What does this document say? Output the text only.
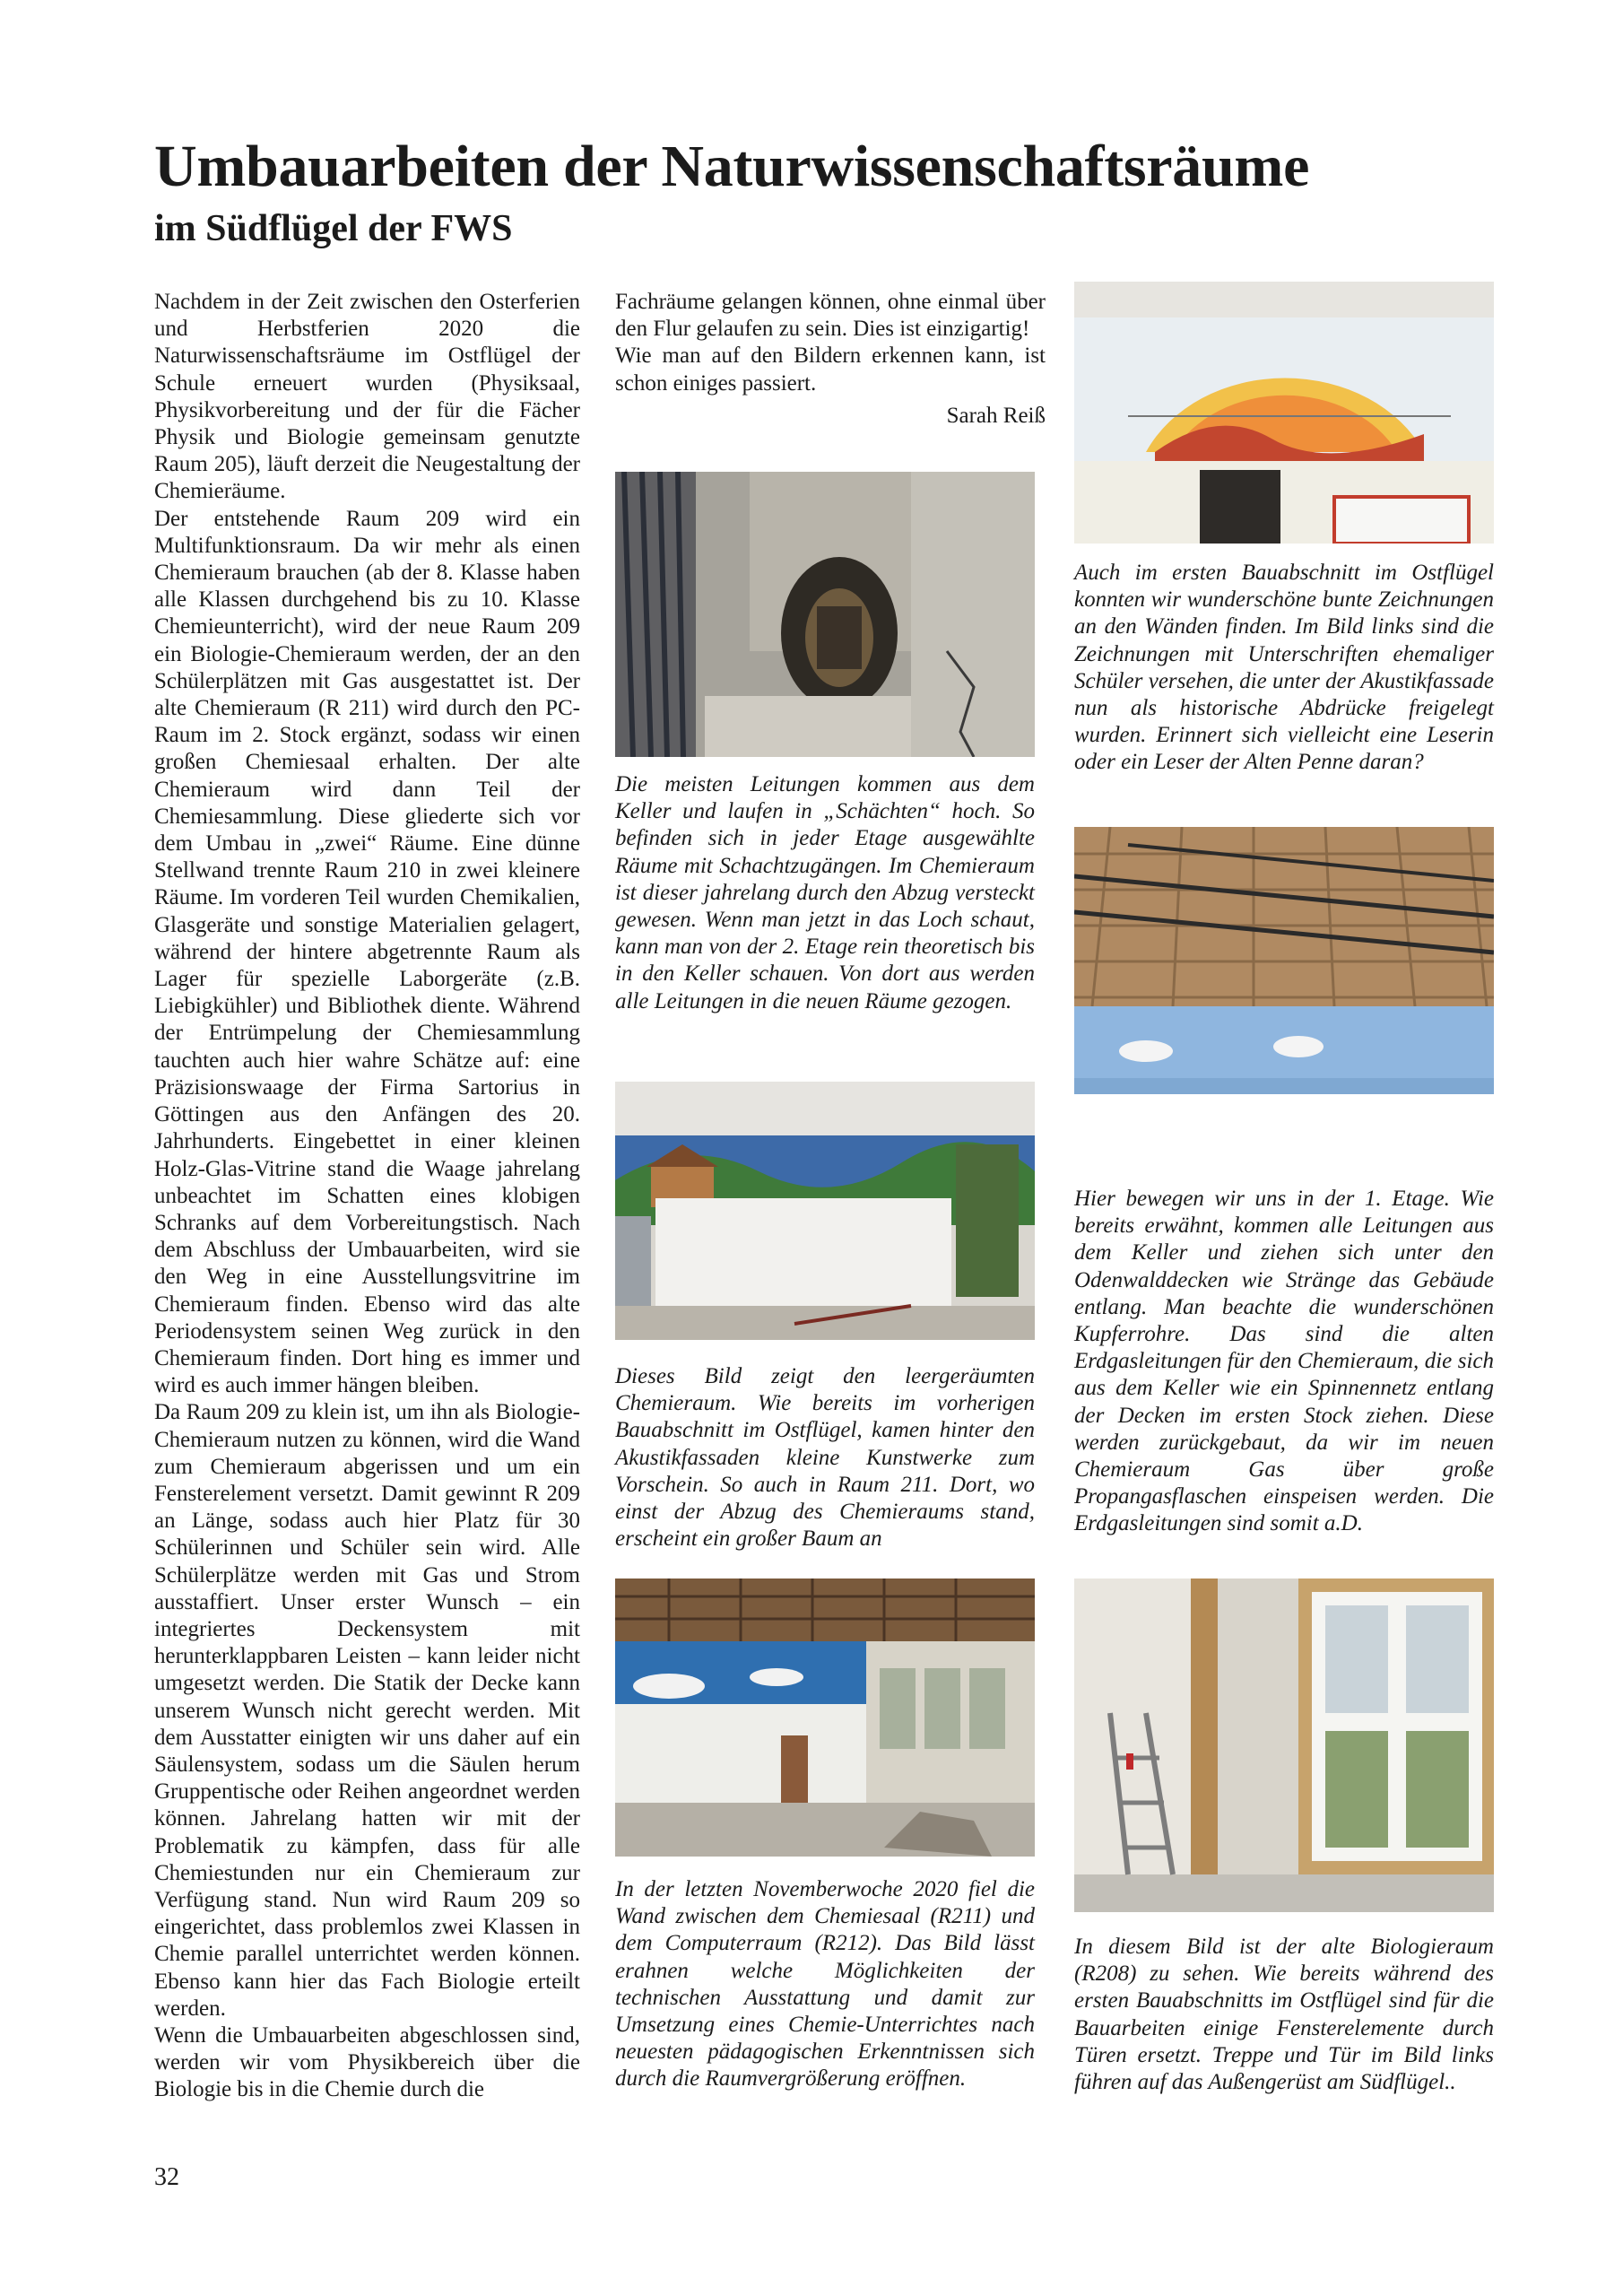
Umbauarbeiten der Naturwissenschaftsräume
im Südflügel der FWS

Nachdem in der Zeit zwischen den Osterferien und Herbstferien 2020 die Naturwissenschaftsräume im Ostflügel der Schule erneuert wurden (Physiksaal, Physikvorbereitung und der für die Fächer Physik und Biologie gemeinsam genutzte Raum 205), läuft derzeit die Neugestaltung der Chemieräume.

Der entstehende Raum 209 wird ein Multifunktionsraum. Da wir mehr als einen Chemieraum brauchen (ab der 8. Klasse haben alle Klassen durchgehend bis zu 10. Klasse Chemieunterricht), wird der neue Raum 209 ein Biologie-Chemieraum werden, der an den Schülerplätzen mit Gas ausgestattet ist. Der alte Chemieraum (R 211) wird durch den PC-Raum im 2. Stock ergänzt, sodass wir einen großen Chemiesaal erhalten. Der alte Chemieraum wird dann Teil der Chemiesammlung. Diese gliederte sich vor dem Umbau in „zwei“ Räume. Eine dünne Stellwand trennte Raum 210 in zwei kleinere Räume. Im vorderen Teil wurden Chemikalien, Glasgeräte und sonstige Materialien gelagert, während der hintere abgetrennte Raum als Lager für spezielle Laborgeräte (z.B. Liebigkühler) und Bibliothek diente. Während der Entrümpelung der Chemiesammlung tauchten auch hier wahre Schätze auf: eine Präzisionswaage der Firma Sartorius in Göttingen aus den Anfängen des 20. Jahrhunderts. Eingebettet in einer kleinen Holz-Glas-Vitrine stand die Waage jahrelang unbeachtet im Schatten eines klobigen Schranks auf dem Vorbereitungstisch. Nach dem Abschluss der Umbauarbeiten, wird sie den Weg in eine Ausstellungsvitrine im Chemieraum finden. Ebenso wird das alte Periodensystem seinen Weg zurück in den Chemieraum finden. Dort hing es immer und wird es auch immer hängen bleiben.

Da Raum 209 zu klein ist, um ihn als Biologie-Chemieraum nutzen zu können, wird die Wand zum Chemieraum abgerissen und um ein Fensterelement versetzt. Damit gewinnt R 209 an Länge, sodass auch hier Platz für 30 Schülerinnen und Schüler sein wird. Alle Schülerplätze werden mit Gas und Strom ausstaffiert. Unser erster Wunsch – ein integriertes Deckensystem mit herunterklappbaren Leisten – kann leider nicht umgesetzt werden. Die Statik der Decke kann unserem Wunsch nicht gerecht werden. Mit dem Ausstatter einigten wir uns daher auf ein Säulensystem, sodass um die Säulen herum Gruppentische oder Reihen angeordnet werden können. Jahrelang hatten wir mit der Problematik zu kämpfen, dass für alle Chemiestunden nur ein Chemieraum zur Verfügung stand. Nun wird Raum 209 so eingerichtet, dass problemlos zwei Klassen in Chemie parallel unterrichtet werden können. Ebenso kann hier das Fach Biologie erteilt werden.

Wenn die Umbauarbeiten abgeschlossen sind, werden wir vom Physikbereich über die Biologie bis in die Chemie durch die

Fachräume gelangen können, ohne einmal über den Flur gelaufen zu sein. Dies ist einzigartig!

Wie man auf den Bildern erkennen kann, ist schon einiges passiert.

Sarah Reiß

Die meisten Leitungen kommen aus dem Keller und laufen in „Schächten“ hoch. So befinden sich in jeder Etage ausgewählte Räume mit Schachtzugängen. Im Chemieraum ist dieser jahrelang durch den Abzug versteckt gewesen. Wenn man jetzt in das Loch schaut, kann man von der 2. Etage rein theoretisch bis in den Keller schauen. Von dort aus werden alle Leitungen in die neuen Räume gezogen.

Dieses Bild zeigt den leergeräumten Chemieraum. Wie bereits im vorherigen Bauabschnitt im Ostflügel, kamen hinter den Akustikfassaden kleine Kunstwerke zum Vorschein. So auch in Raum 211. Dort, wo einst der Abzug des Chemieraums stand, erscheint ein großer Baum an

In der letzten Novemberwoche 2020 fiel die Wand zwischen dem Chemiesaal (R211) und dem Computerraum (R212). Das Bild lässt erahnen welche Möglichkeiten der technischen Ausstattung und damit zur Umsetzung eines Chemie-Unterrichtes nach neuesten pädagogischen Erkenntnissen sich durch die Raumvergrößerung eröffnen.

Auch im ersten Bauabschnitt im Ostflügel konnten wir wunderschöne bunte Zeichnungen an den Wänden finden. Im Bild links sind die Zeichnungen mit Unterschriften ehemaliger Schüler versehen, die unter der Akustikfassade nun als historische Abdrücke freigelegt wurden. Erinnert sich vielleicht eine Leserin oder ein Leser der Alten Penne daran?

Hier bewegen wir uns in der 1. Etage. Wie bereits erwähnt, kommen alle Leitungen aus dem Keller und ziehen sich unter den Odenwalddecken wie Stränge das Gebäude entlang. Man beachte die wunderschönen Kupferrohre. Das sind die alten Erdgasleitungen für den Chemieraum, die sich aus dem Keller wie ein Spinnennetz entlang der Decken im ersten Stock ziehen. Diese werden zurückgebaut, da wir im neuen Chemieraum Gas über große Propangasflaschen einspeisen werden. Die Erdgasleitungen sind somit a.D.

In diesem Bild ist der alte Biologieraum (R208) zu sehen. Wie bereits während des ersten Bauabschnitts im Ostflügel sind für die Bauarbeiten einige Fensterelemente durch Türen ersetzt. Treppe und Tür im Bild links führen auf das Außengerüst am Südflügel..

32
